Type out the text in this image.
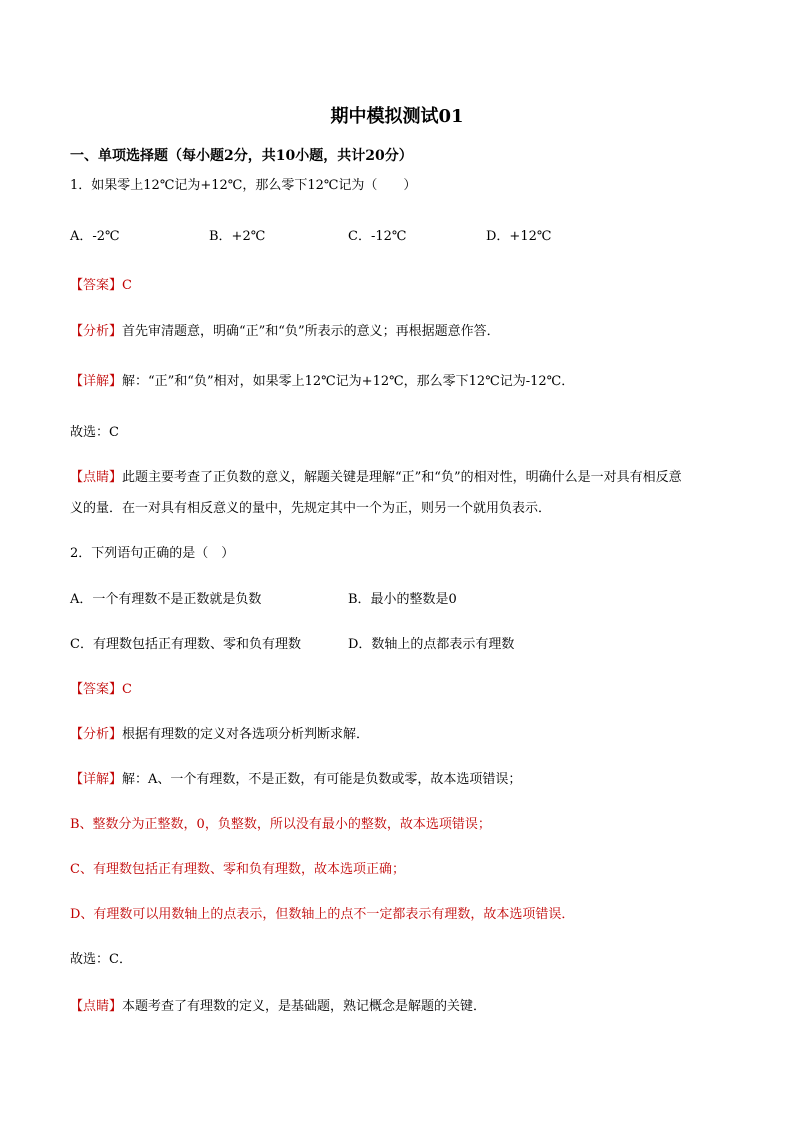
期中模拟测试01
一、单项选择题（每小题2分，共10小题，共计20分）
1．如果零上12℃记为+12℃，那么零下12℃记为（　　）
A．-2℃	B．+2℃	C．-12℃	D．+12℃
【答案】C
【分析】首先审清题意，明确“正”和“负”所表示的意义；再根据题意作答．
【详解】解：“正”和“负”相对，如果零上12℃记为+12℃，那么零下12℃记为-12℃．
故选：C
【点睛】此题主要考查了正负数的意义，解题关键是理解“正”和“负”的相对性，明确什么是一对具有相反意
义的量．在一对具有相反意义的量中，先规定其中一个为正，则另一个就用负表示．
2．下列语句正确的是（　）
A．一个有理数不是正数就是负数	B．最小的整数是0
C．有理数包括正有理数、零和负有理数	D．数轴上的点都表示有理数
【答案】C
【分析】根据有理数的定义对各选项分析判断求解．
【详解】解：A、一个有理数，不是正数，有可能是负数或零，故本选项错误；
B、整数分为正整数，0，负整数，所以没有最小的整数，故本选项错误；
C、有理数包括正有理数、零和负有理数，故本选项正确；
D、有理数可以用数轴上的点表示，但数轴上的点不一定都表示有理数，故本选项错误．
故选：C．
【点睛】本题考查了有理数的定义，是基础题，熟记概念是解题的关键．
